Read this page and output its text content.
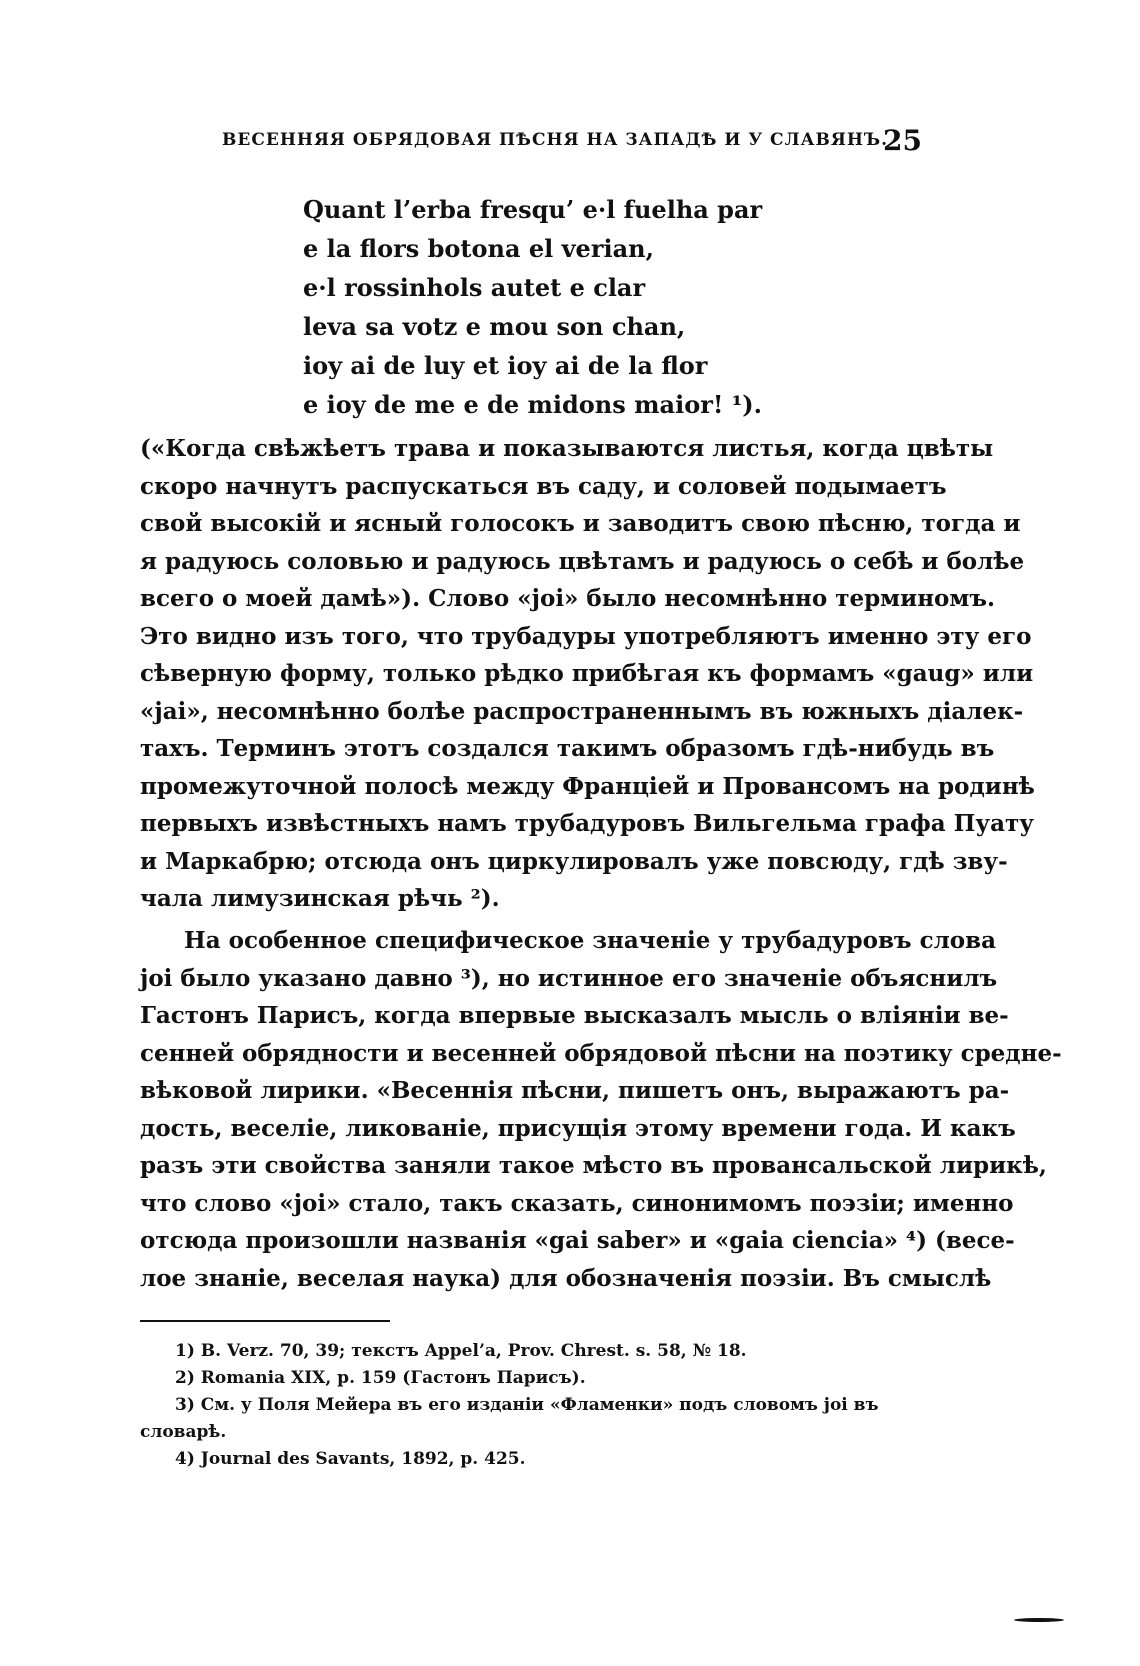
ВЕСЕННЯЯ ОБРЯДОВАЯ ПѢСНЯ НА ЗАПАДѢ И У СЛАВЯНЪ.
25
Quant l’erba fresqu’ e·l fuelha par
e la flors botona el verian,
e·l rossinhols autet e clar
leva sa votz e mou son chan,
ioy ai de luy et ioy ai de la flor
e ioy de me e de midons maior! ¹).
(«Когда свѣжѣетъ трава и показываются листья, когда цвѣты
скоро начнутъ распускаться въ саду, и соловей подымаетъ
свой высокій и ясный голосокъ и заводитъ свою пѣсню, тогда и
я радуюсь соловью и радуюсь цвѣтамъ и радуюсь о себѣ и болѣе
всего о моей дамѣ»). Слово «joi» было несомнѣнно терминомъ.
Это видно изъ того, что трубадуры употребляютъ именно эту его
сѣверную форму, только рѣдко прибѣгая къ формамъ «gaug» или
«jai», несомнѣнно болѣе распространеннымъ въ южныхъ діалек-
тахъ. Терминъ этотъ создался такимъ образомъ гдѣ-нибудь въ
промежуточной полосѣ между Франціей и Провансомъ на родинѣ
первыхъ извѣстныхъ намъ трубадуровъ Вильгельма графа Пуату
и Маркабрю; отсюда онъ циркулировалъ уже повсюду, гдѣ зву-
чала лимузинская рѣчь ²).
На особенное специфическое значеніе у трубадуровъ слова
joi было указано давно ³), но истинное его значеніе объяснилъ
Гастонъ Парисъ, когда впервые высказалъ мысль о вліяніи ве-
сенней обрядности и весенней обрядовой пѣсни на поэтику средне-
вѣковой лирики. «Весеннія пѣсни, пишетъ онъ, выражаютъ ра-
дость, веселіе, ликованіе, присущія этому времени года. И какъ
разъ эти свойства заняли такое мѣсто въ провансальской лирикѣ,
что слово «joi» стало, такъ сказать, синонимомъ поэзіи; именно
отсюда произошли названія «gai saber» и «gaia ciencia» ⁴) (весе-
лое знаніе, веселая наука) для обозначенія поэзіи. Въ смыслѣ
1) B. Verz. 70, 39; текстъ Appel’a, Prov. Chrest. s. 58, № 18.
2) Romania XIX, p. 159 (Гастонъ Парисъ).
3) См. у Поля Мейера въ его изданіи «Фламенки» подъ словомъ joi въ
словарѣ.
4) Journal des Savants, 1892, p. 425.
